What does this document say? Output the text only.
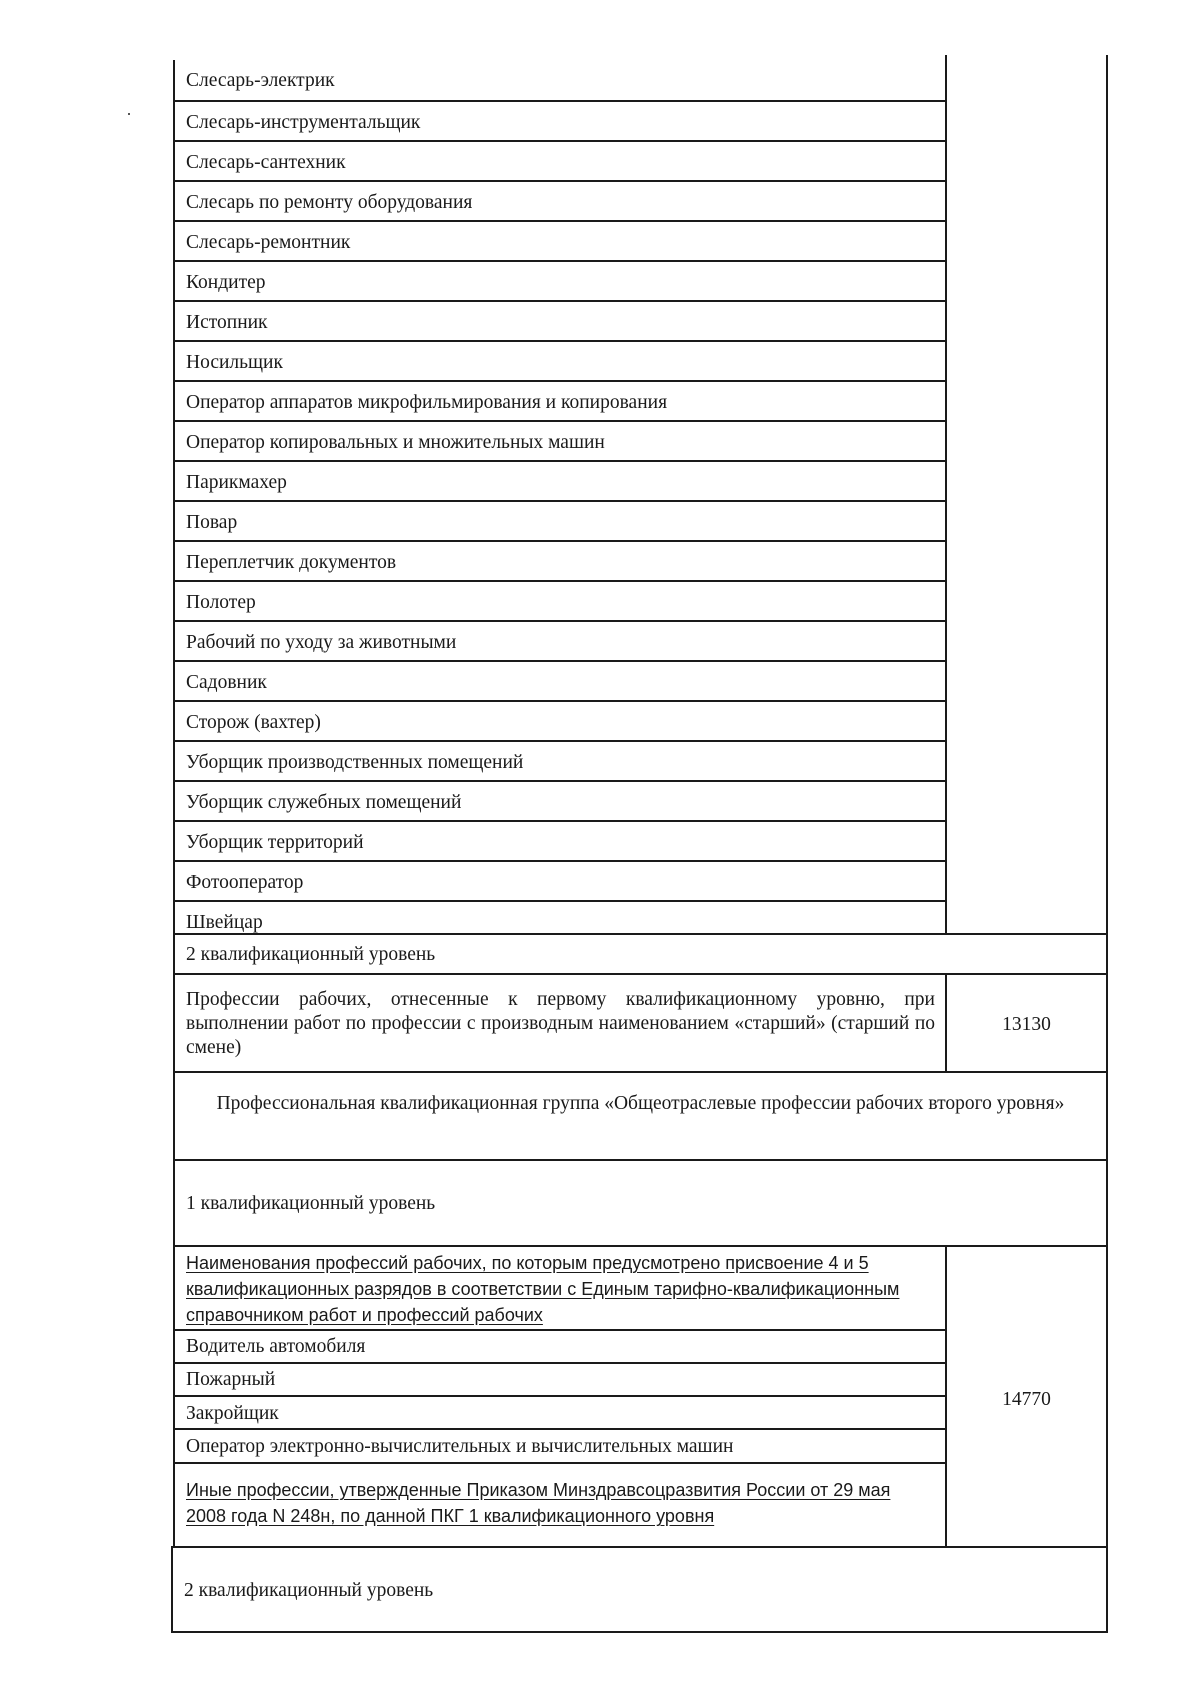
Слесарь-электрик
Слесарь-инструментальщик
Слесарь-сантехник
Слесарь по ремонту оборудования
Слесарь-ремонтник
Кондитер
Истопник
Носильщик
Оператор аппаратов микрофильмирования и копирования
Оператор копировальных и множительных машин
Парикмахер
Повар
Переплетчик документов
Полотер
Рабочий по уходу за животными
Садовник
Сторож (вахтер)
Уборщик производственных помещений
Уборщик служебных помещений
Уборщик территорий
Фотооператор
Швейцар
2 квалификационный уровень
Профессии рабочих, отнесенные к первому квалификационному уровню, при выполнении работ по профессии с производным наименованием «старший» (старший по смене)
13130
Профессиональная квалификационная группа «Общеотраслевые профессии рабочих второго уровня»
1 квалификационный уровень
Наименования профессий рабочих, по которым предусмотрено присвоение 4 и 5 квалификационных разрядов в соответствии с Единым тарифно-квалификационным справочником работ и профессий рабочих
Водитель автомобиля
Пожарный
Закройщик
Оператор электронно-вычислительных и вычислительных машин
Иные профессии, утвержденные Приказом Минздравсоцразвития России от 29 мая 2008 года N 248н, по данной ПКГ 1 квалификационного уровня
14770
2 квалификационный уровень
